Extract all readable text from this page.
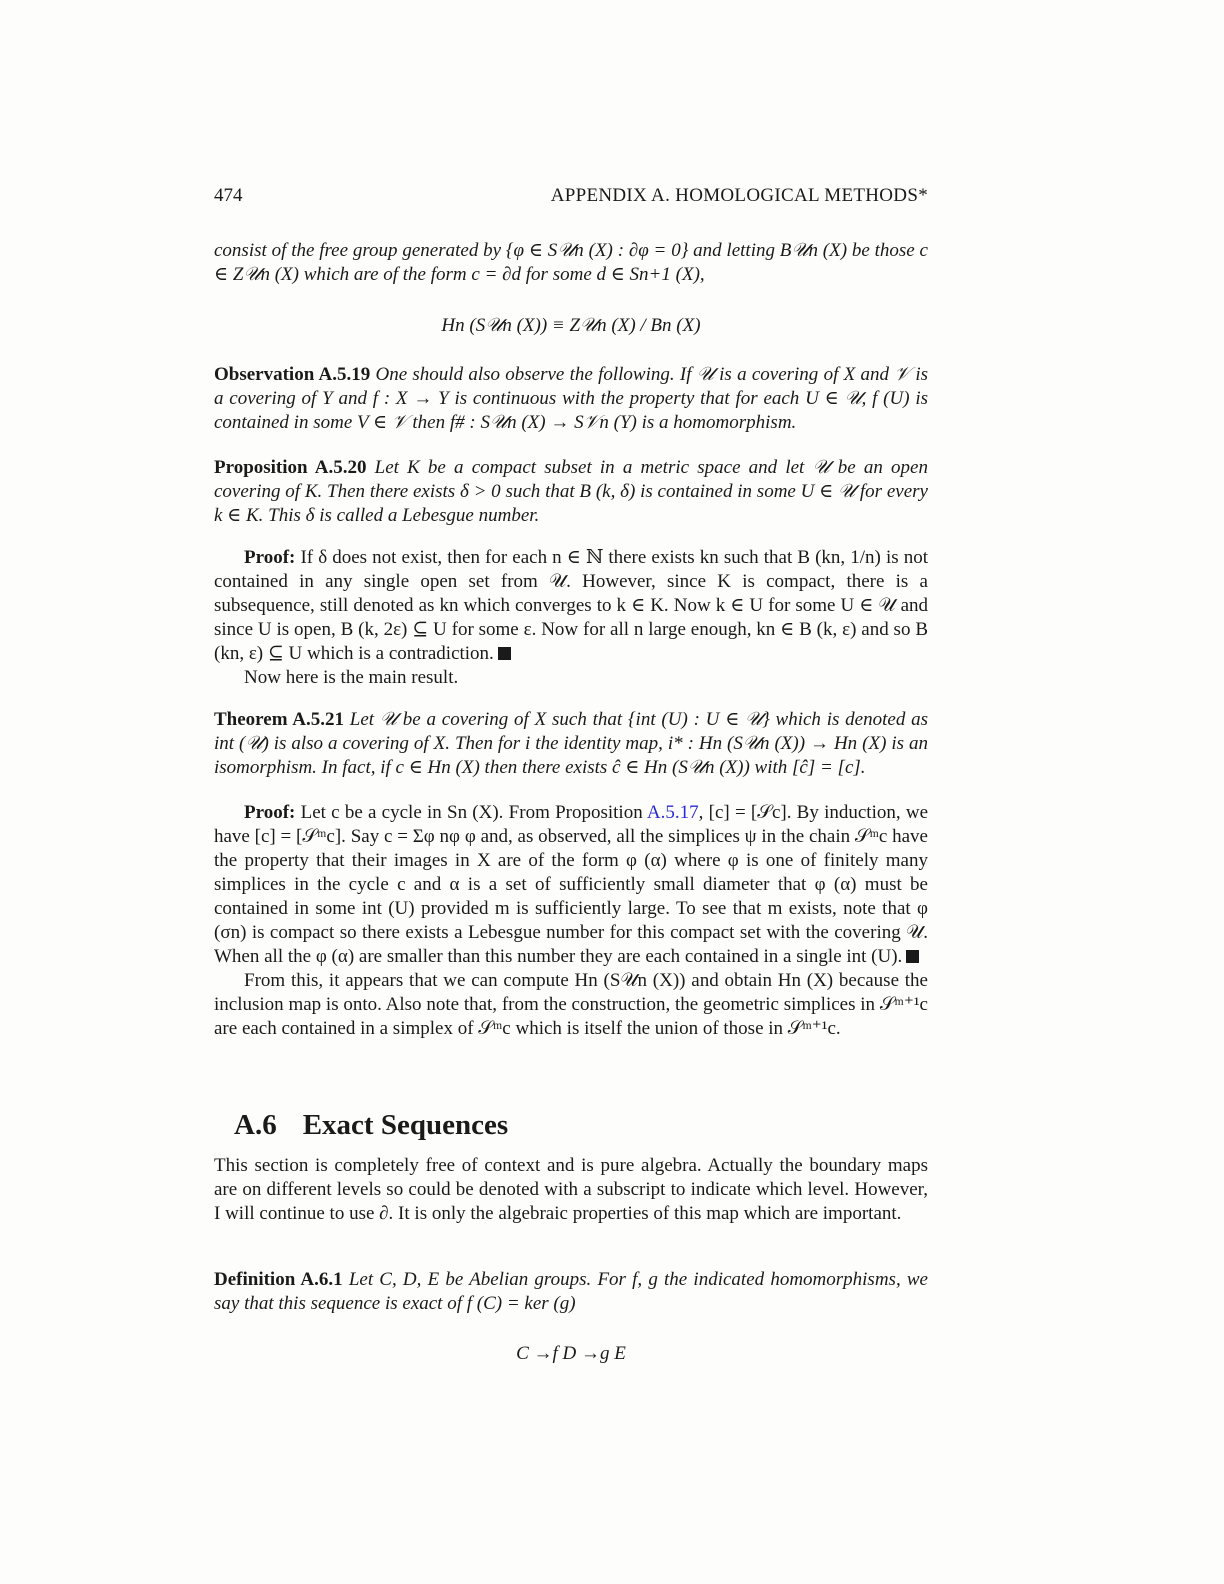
474	APPENDIX A. HOMOLOGICAL METHODS*

consist of the free group generated by {φ ∈ S𝒰n (X) : ∂φ = 0} and letting B𝒰n (X) be those c ∈ Z𝒰n (X) which are of the form c = ∂d for some d ∈ Sn+1 (X),

Hn (S𝒰n (X)) ≡ Z𝒰n (X) / Bn (X)

Observation A.5.19 One should also observe the following. If 𝒰 is a covering of X and 𝒱 is a covering of Y and f : X → Y is continuous with the property that for each U ∈ 𝒰, f (U) is contained in some V ∈ 𝒱 then f# : S𝒰n (X) → S𝒱n (Y) is a homomorphism.

Proposition A.5.20 Let K be a compact subset in a metric space and let 𝒰 be an open covering of K. Then there exists δ > 0 such that B (k, δ) is contained in some U ∈ 𝒰 for every k ∈ K. This δ is called a Lebesgue number.

Proof: If δ does not exist, then for each n ∈ ℕ there exists kn such that B (kn, 1/n) is not contained in any single open set from 𝒰. However, since K is compact, there is a subsequence, still denoted as kn which converges to k ∈ K. Now k ∈ U for some U ∈ 𝒰 and since U is open, B (k, 2ε) ⊆ U for some ε. Now for all n large enough, kn ∈ B (k, ε) and so B (kn, ε) ⊆ U which is a contradiction.

Now here is the main result.

Theorem A.5.21 Let 𝒰 be a covering of X such that {int (U) : U ∈ 𝒰} which is denoted as int (𝒰) is also a covering of X. Then for i the identity map, i* : Hn (S𝒰n (X)) → Hn (X) is an isomorphism. In fact, if c ∈ Hn (X) then there exists ĉ ∈ Hn (S𝒰n (X)) with [ĉ] = [c].

Proof: Let c be a cycle in Sn (X). From Proposition A.5.17, [c] = [𝒮c]. By induction, we have [c] = [𝒮ᵐc]. Say c = Σφ nφ φ and, as observed, all the simplices ψ in the chain 𝒮ᵐc have the property that their images in X are of the form φ (α) where φ is one of finitely many simplices in the cycle c and α is a set of sufficiently small diameter that φ (α) must be contained in some int (U) provided m is sufficiently large. To see that m exists, note that φ (σn) is compact so there exists a Lebesgue number for this compact set with the covering 𝒰. When all the φ (α) are smaller than this number they are each contained in a single int (U).

From this, it appears that we can compute Hn (S𝒰n (X)) and obtain Hn (X) because the inclusion map is onto. Also note that, from the construction, the geometric simplices in 𝒮ᵐ⁺¹c are each contained in a simplex of 𝒮ᵐc which is itself the union of those in 𝒮ᵐ⁺¹c.

A.6 Exact Sequences

This section is completely free of context and is pure algebra. Actually the boundary maps are on different levels so could be denoted with a subscript to indicate which level. However, I will continue to use ∂. It is only the algebraic properties of this map which are important.

Definition A.6.1 Let C, D, E be Abelian groups. For f, g the indicated homomorphisms, we say that this sequence is exact of f (C) = ker (g)

C →f D →g E
